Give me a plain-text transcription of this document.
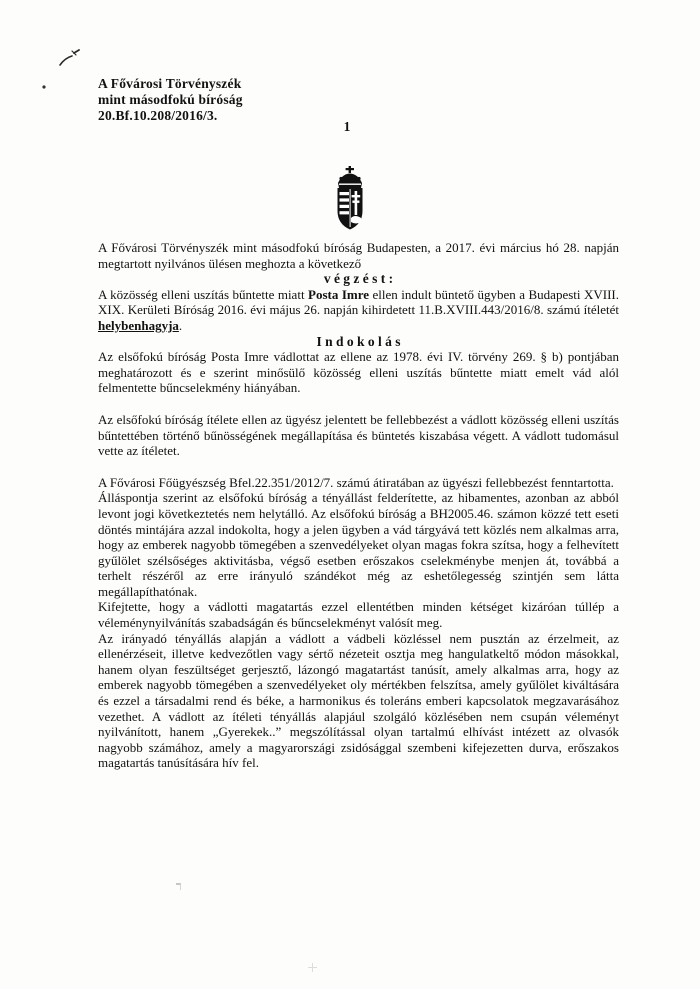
A Fővárosi Törvényszék
mint másodfokú bíróság
20.Bf.10.208/2016/3.
1

A Fővárosi Törvényszék mint másodfokú bíróság Budapesten, a 2017. évi március hó 28. napján megtartott nyilvános ülésen meghozta a következő

v é g z é s t :

A közösség elleni uszítás bűntette miatt Posta Imre ellen indult büntető ügyben a Budapesti XVIII. XIX. Kerületi Bíróság 2016. évi május 26. napján kihirdetett 11.B.XVIII.443/2016/8. számú ítéletét helybenhagyja.

I n d o k o l á s

Az elsőfokú bíróság Posta Imre vádlottat az ellene az 1978. évi IV. törvény 269. § b) pontjában meghatározott és e szerint minősülő közösség elleni uszítás bűntette miatt emelt vád alól felmentette bűncselekmény hiányában.

Az elsőfokú bíróság ítélete ellen az ügyész jelentett be fellebbezést a vádlott közösség elleni uszítás bűntettében történő bűnösségének megállapítása és büntetés kiszabása végett. A vádlott tudomásul vette az ítéletet.

A Fővárosi Főügyészség Bfel.22.351/2012/7. számú átiratában az ügyészi fellebbezést fenntartotta.

Álláspontja szerint az elsőfokú bíróság a tényállást felderítette, az hibamentes, azonban az abból levont jogi következtetés nem helytálló. Az elsőfokú bíróság a BH2005.46. számon közzé tett eseti döntés mintájára azzal indokolta, hogy a jelen ügyben a vád tárgyává tett közlés nem alkalmas arra, hogy az emberek nagyobb tömegében a szenvedélyeket olyan magas fokra szítsa, hogy a felhevített gyűlölet szélsőséges aktivitásba, végső esetben erőszakos cselekménybe menjen át, továbbá a terhelt részéről az erre irányuló szándékot még az eshetőlegesség szintjén sem látta megállapíthatónak.

Kifejtette, hogy a vádlotti magatartás ezzel ellentétben minden kétséget kizáróan túllép a véleménynyilvánítás szabadságán és bűncselekményt valósít meg.

Az irányadó tényállás alapján a vádlott a vádbeli közléssel nem pusztán az érzelmeit, az ellenérzéseit, illetve kedvezőtlen vagy sértő nézeteit osztja meg hangulatkeltő módon másokkal, hanem olyan feszültséget gerjesztő, lázongó magatartást tanúsít, amely alkalmas arra, hogy az emberek nagyobb tömegében a szenvedélyeket oly mértékben felszítsa, amely gyűlölet kiváltására és ezzel a társadalmi rend és béke, a harmonikus és toleráns emberi kapcsolatok megzavarásához vezethet. A vádlott az ítéleti tényállás alapjául szolgáló közlésében nem csupán véleményt nyilvánított, hanem „Gyerekek..” megszólítással olyan tartalmú elhívást intézett az olvasók nagyobb számához, amely a magyarországi zsidósággal szembeni kifejezetten durva, erőszakos magatartás tanúsítására hív fel.
